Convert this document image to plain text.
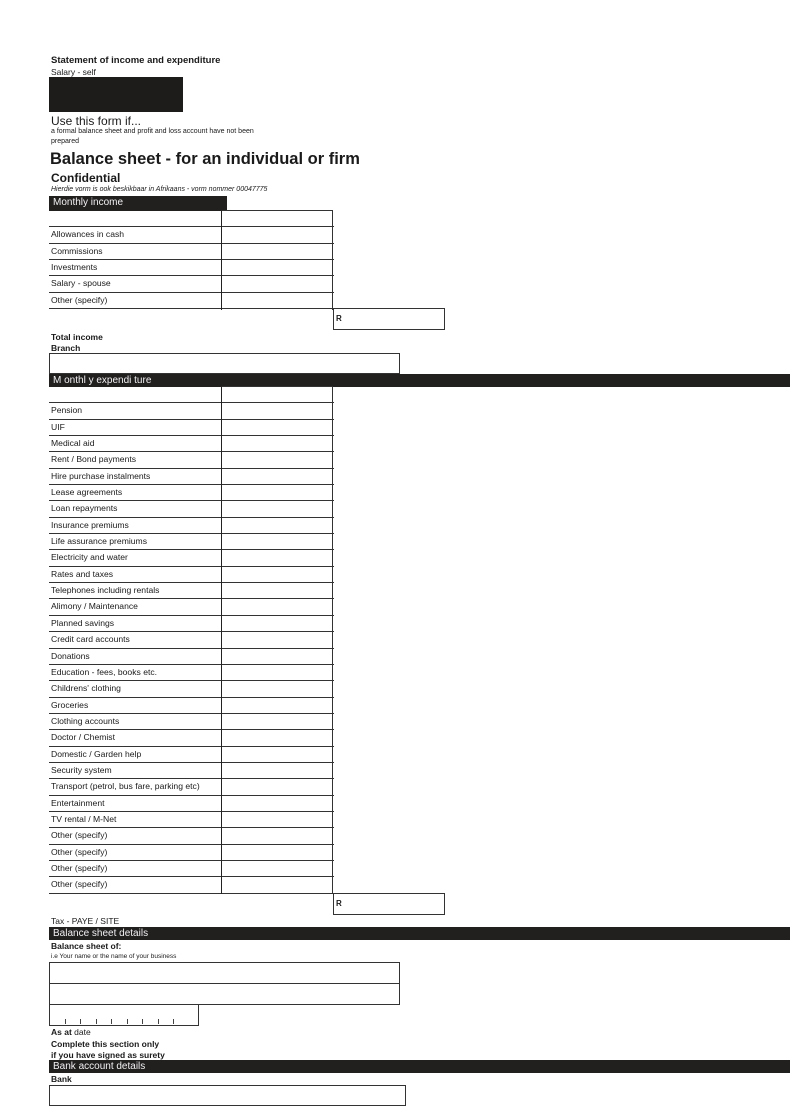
Statement of income and expenditure
Salary - self
Use this form if...
a formal balance sheet and profit and loss account have not been
prepared
Balance sheet - for an individual or firm
Confidential
Hierdie vorm is ook beskikbaar in Afrikaans - vorm nommer 00047775
Monthly income
Allowances in cash
Commissions
Investments
Salary - spouse
Other (specify)
R
Total income
Branch
M onthl y expendi ture
Pension
UIF
Medical aid
Rent / Bond payments
Hire purchase instalments
Lease agreements
Loan repayments
Insurance premiums
Life assurance premiums
Electricity and water
Rates and taxes
Telephones including rentals
Alimony / Maintenance
Planned savings
Credit card accounts
Donations
Education - fees, books etc.
Childrens' clothing
Groceries
Clothing accounts
Doctor / Chemist
Domestic / Garden help
Security system
Transport (petrol, bus fare, parking etc)
Entertainment
TV rental / M-Net
Other (specify)
Other (specify)
Other (specify)
Other (specify)
R
Tax - PAYE / SITE
Balance sheet details
Balance sheet of:
i.e Your name or the name of your business
As at date
Complete this section only
if you have signed as surety
Bank account details
Bank
